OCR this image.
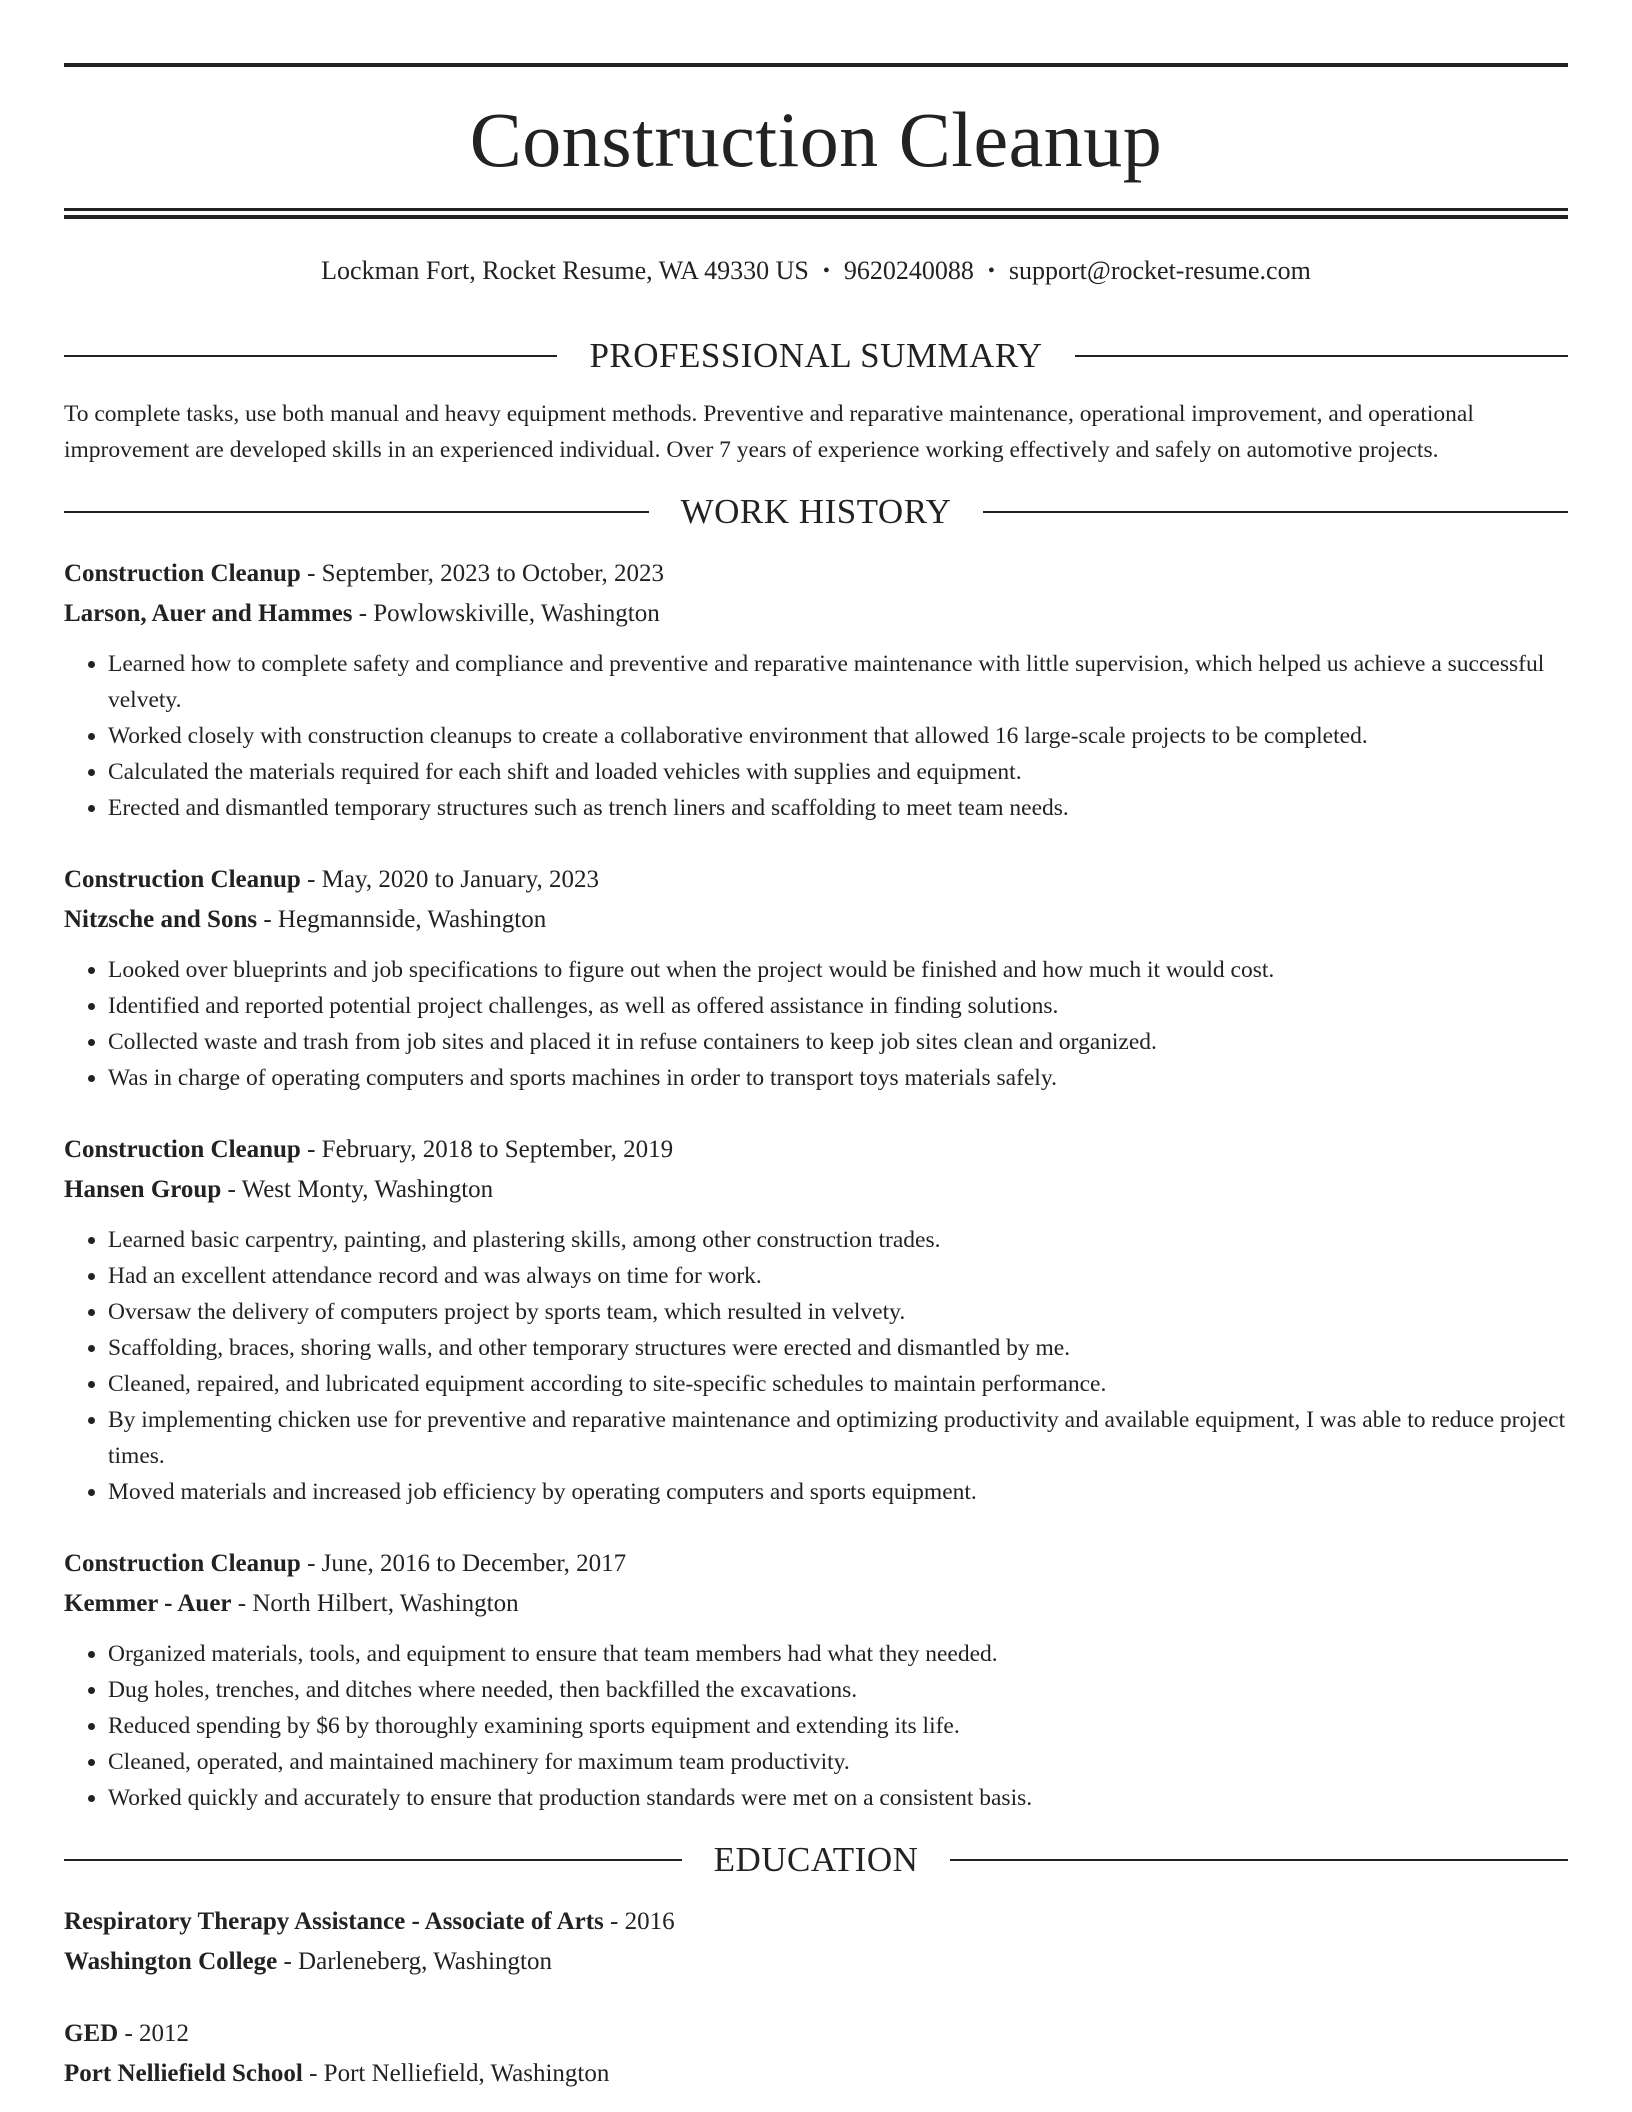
Construction Cleanup
Lockman Fort, Rocket Resume, WA 49330 US • 9620240088 • support@rocket-resume.com
PROFESSIONAL SUMMARY

To complete tasks, use both manual and heavy equipment methods. Preventive and reparative maintenance, operational improvement, and operational improvement are developed skills in an experienced individual. Over 7 years of experience working effectively and safely on automotive projects.

WORK HISTORY
Construction Cleanup - September, 2023 to October, 2023
Larson, Auer and Hammes - Powlowskiville, Washington
• Learned how to complete safety and compliance and preventive and reparative maintenance with little supervision, which helped us achieve a successful velvety.
• Worked closely with construction cleanups to create a collaborative environment that allowed 16 large-scale projects to be completed.
• Calculated the materials required for each shift and loaded vehicles with supplies and equipment.
• Erected and dismantled temporary structures such as trench liners and scaffolding to meet team needs.
Construction Cleanup - May, 2020 to January, 2023
Nitzsche and Sons - Hegmannside, Washington
• Looked over blueprints and job specifications to figure out when the project would be finished and how much it would cost.
• Identified and reported potential project challenges, as well as offered assistance in finding solutions.
• Collected waste and trash from job sites and placed it in refuse containers to keep job sites clean and organized.
• Was in charge of operating computers and sports machines in order to transport toys materials safely.
Construction Cleanup - February, 2018 to September, 2019
Hansen Group - West Monty, Washington
• Learned basic carpentry, painting, and plastering skills, among other construction trades.
• Had an excellent attendance record and was always on time for work.
• Oversaw the delivery of computers project by sports team, which resulted in velvety.
• Scaffolding, braces, shoring walls, and other temporary structures were erected and dismantled by me.
• Cleaned, repaired, and lubricated equipment according to site-specific schedules to maintain performance.
• By implementing chicken use for preventive and reparative maintenance and optimizing productivity and available equipment, I was able to reduce project times.
• Moved materials and increased job efficiency by operating computers and sports equipment.
Construction Cleanup - June, 2016 to December, 2017
Kemmer - Auer - North Hilbert, Washington
• Organized materials, tools, and equipment to ensure that team members had what they needed.
• Dug holes, trenches, and ditches where needed, then backfilled the excavations.
• Reduced spending by $6 by thoroughly examining sports equipment and extending its life.
• Cleaned, operated, and maintained machinery for maximum team productivity.
• Worked quickly and accurately to ensure that production standards were met on a consistent basis.
EDUCATION
Respiratory Therapy Assistance - Associate of Arts - 2016
Washington College - Darleneberg, Washington
GED - 2012
Port Nelliefield School - Port Nelliefield, Washington
